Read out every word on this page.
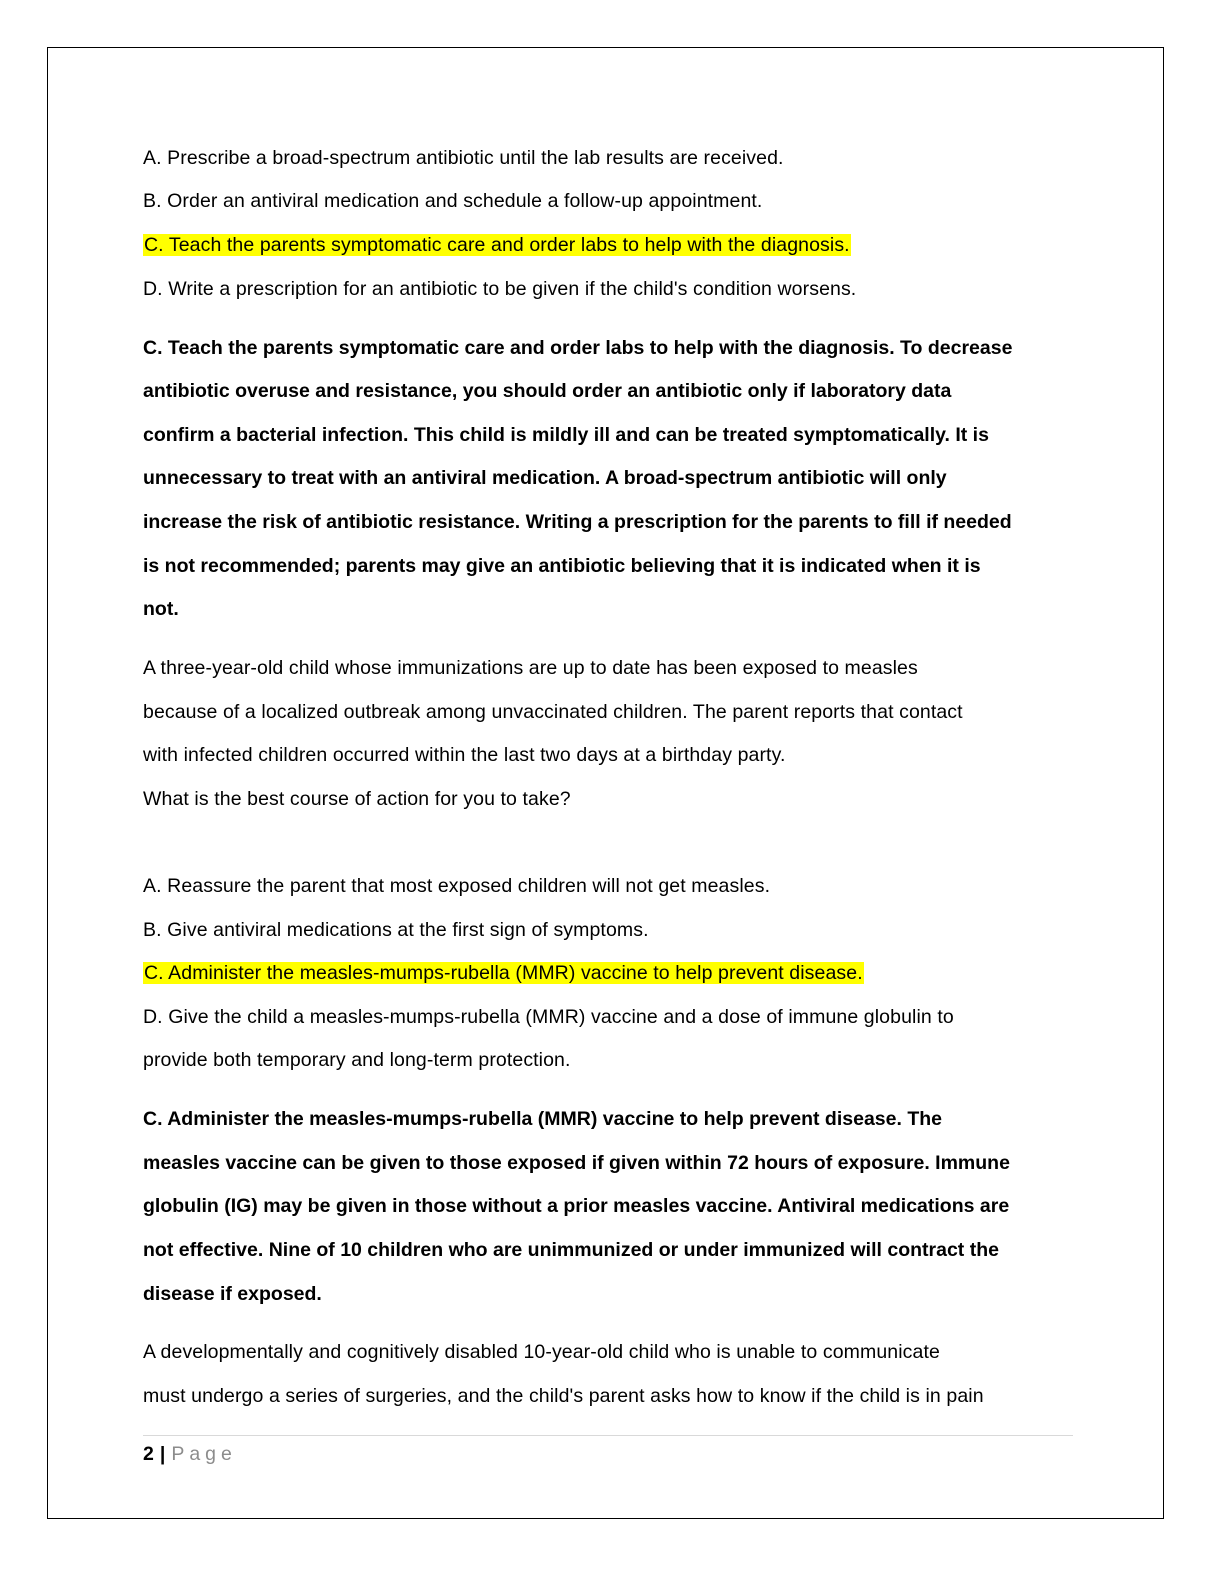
A. Prescribe a broad-spectrum antibiotic until the lab results are received.
B. Order an antiviral medication and schedule a follow-up appointment.
C. Teach the parents symptomatic care and order labs to help with the diagnosis.
D. Write a prescription for an antibiotic to be given if the child's condition worsens.
C. Teach the parents symptomatic care and order labs to help with the diagnosis. To decrease
antibiotic overuse and resistance, you should order an antibiotic only if laboratory data
confirm a bacterial infection. This child is mildly ill and can be treated symptomatically. It is
unnecessary to treat with an antiviral medication. A broad-spectrum antibiotic will only
increase the risk of antibiotic resistance. Writing a prescription for the parents to fill if needed
is not recommended; parents may give an antibiotic believing that it is indicated when it is
not.
A three-year-old child whose immunizations are up to date has been exposed to measles
because of a localized outbreak among unvaccinated children. The parent reports that contact
with infected children occurred within the last two days at a birthday party.
What is the best course of action for you to take?
A. Reassure the parent that most exposed children will not get measles.
B. Give antiviral medications at the first sign of symptoms.
C. Administer the measles-mumps-rubella (MMR) vaccine to help prevent disease.
D. Give the child a measles-mumps-rubella (MMR) vaccine and a dose of immune globulin to
provide both temporary and long-term protection.
C. Administer the measles-mumps-rubella (MMR) vaccine to help prevent disease. The
measles vaccine can be given to those exposed if given within 72 hours of exposure. Immune
globulin (IG) may be given in those without a prior measles vaccine. Antiviral medications are
not effective. Nine of 10 children who are unimmunized or under immunized will contract the
disease if exposed.
A developmentally and cognitively disabled 10-year-old child who is unable to communicate
must undergo a series of surgeries, and the child's parent asks how to know if the child is in pain
2 | Page
